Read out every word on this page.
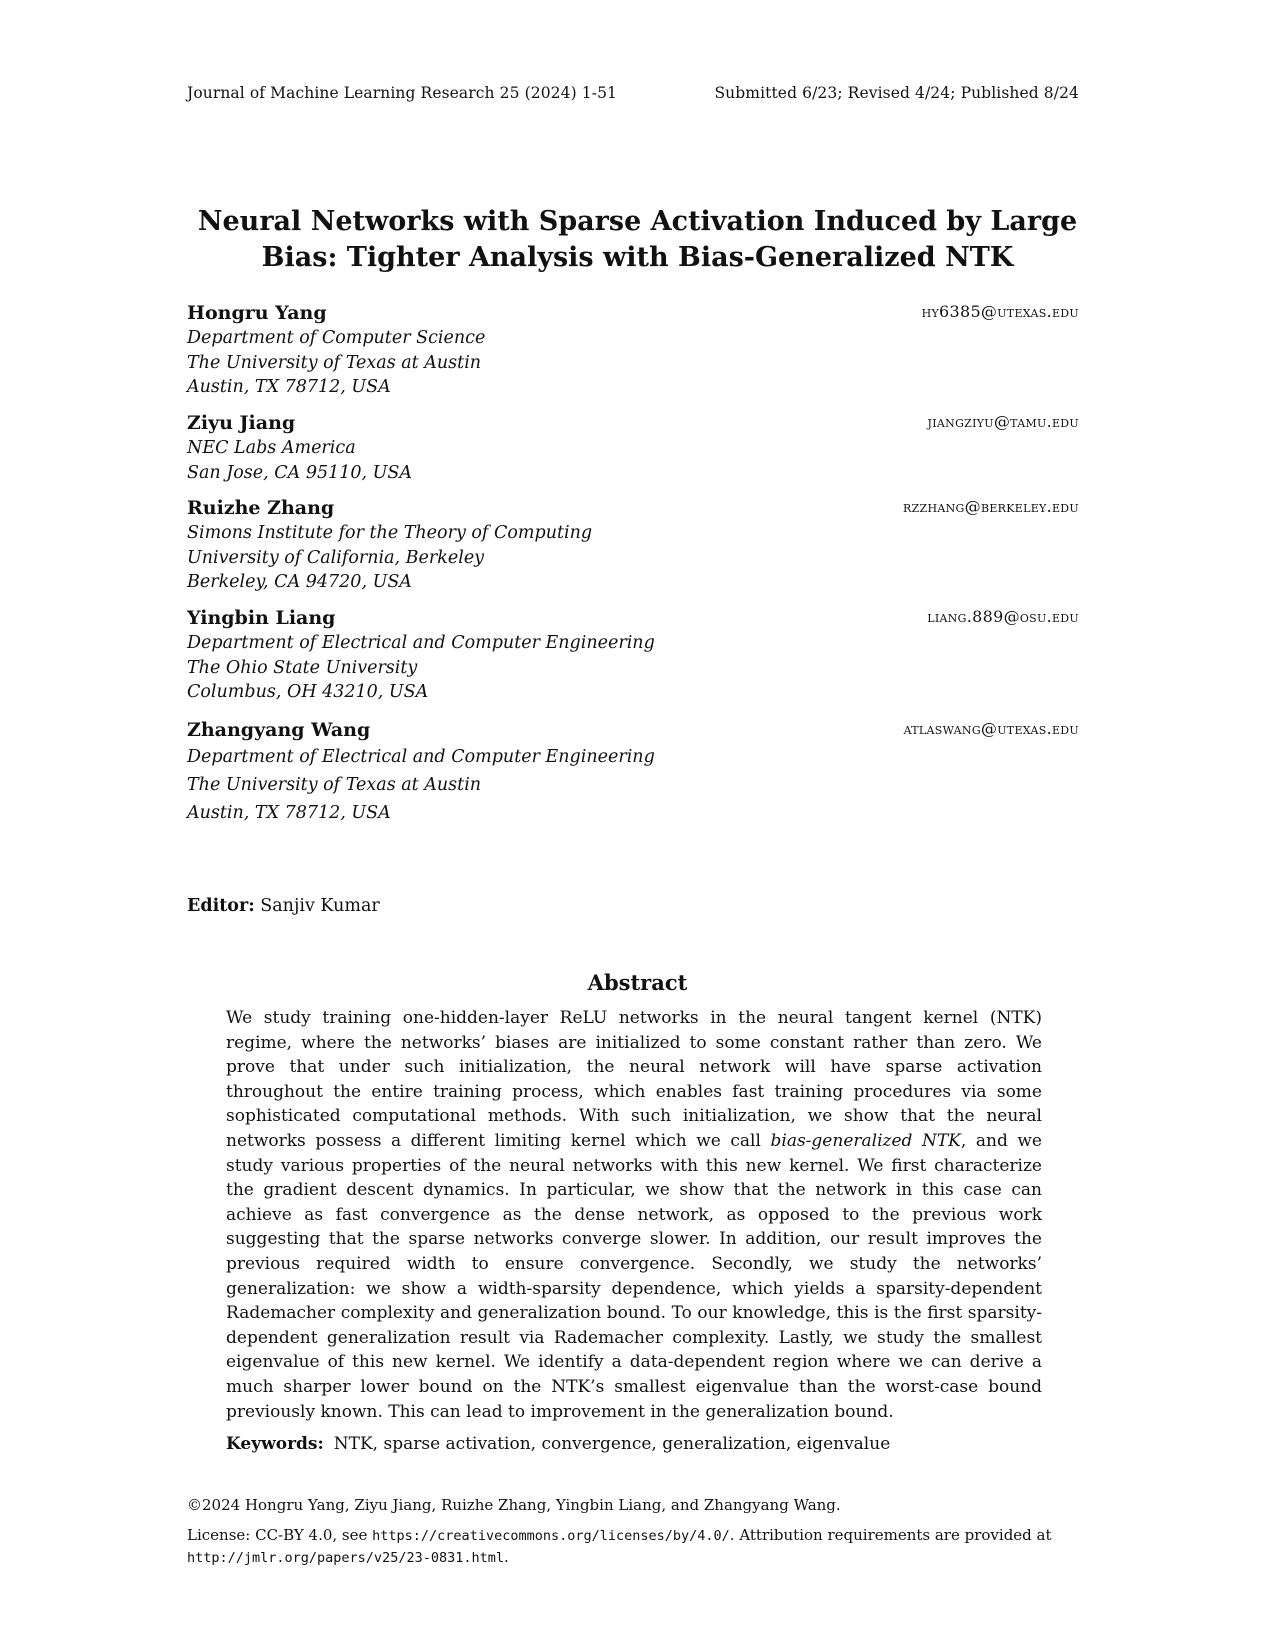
Journal of Machine Learning Research 25 (2024) 1-51	Submitted 6/23; Revised 4/24; Published 8/24
Neural Networks with Sparse Activation Induced by Large
Bias: Tighter Analysis with Bias-Generalized NTK
Hongru Yang	hy6385@utexas.edu
Department of Computer Science
The University of Texas at Austin
Austin, TX 78712, USA
Ziyu Jiang	jiangziyu@tamu.edu
NEC Labs America
San Jose, CA 95110, USA
Ruizhe Zhang	rzzhang@berkeley.edu
Simons Institute for the Theory of Computing
University of California, Berkeley
Berkeley, CA 94720, USA
Yingbin Liang	liang.889@osu.edu
Department of Electrical and Computer Engineering
The Ohio State University
Columbus, OH 43210, USA
Zhangyang Wang	atlaswang@utexas.edu
Department of Electrical and Computer Engineering
The University of Texas at Austin
Austin, TX 78712, USA
Editor: Sanjiv Kumar
Abstract

We study training one-hidden-layer ReLU networks in the neural tangent kernel (NTK) regime, where the networks’ biases are initialized to some constant rather than zero. We prove that under such initialization, the neural network will have sparse activation throughout the entire training process, which enables fast training procedures via some sophisticated computational methods. With such initialization, we show that the neural networks possess a different limiting kernel which we call bias-generalized NTK, and we study various properties of the neural networks with this new kernel. We first characterize the gradient descent dynamics. In particular, we show that the network in this case can achieve as fast convergence as the dense network, as opposed to the previous work suggesting that the sparse networks converge slower. In addition, our result improves the previous required width to ensure convergence. Secondly, we study the networks’ generalization: we show a width-sparsity dependence, which yields a sparsity-dependent Rademacher complexity and generalization bound. To our knowledge, this is the first sparsity-dependent generalization result via Rademacher complexity. Lastly, we study the smallest eigenvalue of this new kernel. We identify a data-dependent region where we can derive a much sharper lower bound on the NTK’s smallest eigenvalue than the worst-case bound previously known. This can lead to improvement in the generalization bound.

Keywords: NTK, sparse activation, convergence, generalization, eigenvalue
©2024 Hongru Yang, Ziyu Jiang, Ruizhe Zhang, Yingbin Liang, and Zhangyang Wang.
License: CC-BY 4.0, see https://creativecommons.org/licenses/by/4.0/. Attribution requirements are provided at http://jmlr.org/papers/v25/23-0831.html.
